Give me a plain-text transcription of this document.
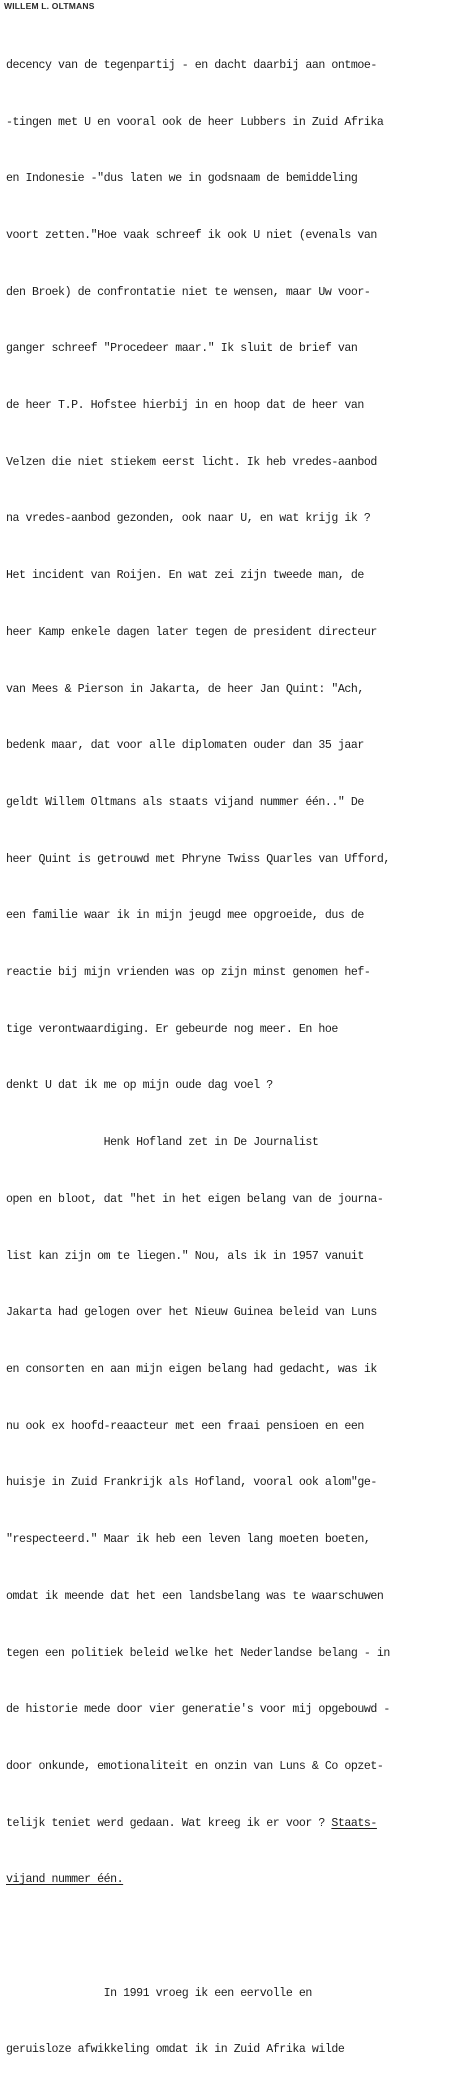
WILLEM L. OLTMANS

decency van de tegenpartij - en dacht daarbij aan ontmoe-

-tingen met U en vooral ook de heer Lubbers in Zuid Afrika

en Indonesie -"dus laten we in godsnaam de bemiddeling

voort zetten."Hoe vaak schreef ik ook U niet (evenals van

den Broek) de confrontatie niet te wensen, maar Uw voor-

ganger schreef "Procedeer maar." Ik sluit de brief van

de heer T.P. Hofstee hierbij in en hoop dat de heer van

Velzen die niet stiekem eerst licht. Ik heb vredes-aanbod

na vredes-aanbod gezonden, ook naar U, en wat krijg ik ?

Het incident van Roijen. En wat zei zijn tweede man, de

heer Kamp enkele dagen later tegen de president directeur

van Mees & Pierson in Jakarta, de heer Jan Quint: "Ach,

bedenk maar, dat voor alle diplomaten ouder dan 35 jaar

geldt Willem Oltmans als staats vijand nummer één.." De

heer Quint is getrouwd met Phryne Twiss Quarles van Ufford,

een familie waar ik in mijn jeugd mee opgroeide, dus de

reactie bij mijn vrienden was op zijn minst genomen hef-

tige verontwaardiging. Er gebeurde nog meer. En hoe

denkt U dat ik me op mijn oude dag voel ?

Henk Hofland zet in De Journalist

open en bloot, dat "het in het eigen belang van de journa-

list kan zijn om te liegen." Nou, als ik in 1957 vanuit

Jakarta had gelogen over het Nieuw Guinea beleid van Luns

en consorten en aan mijn eigen belang had gedacht, was ik

nu ook ex hoofd-reaacteur met een fraai pensioen en een

huisje in Zuid Frankrijk als Hofland, vooral ook alom"ge-

"respecteerd." Maar ik heb een leven lang moeten boeten,

omdat ik meende dat het een landsbelang was te waarschuwen

tegen een politiek beleid welke het Nederlandse belang - in

de historie mede door vier generatie's voor mij opgebouwd -

door onkunde, emotionaliteit en onzin van Luns & Co opzet-

telijk teniet werd gedaan. Wat kreeg ik er voor ? Staats-

vijand nummer één.

In 1991 vroeg ik een eervolle en

geruisloze afwikkeling omdat ik in Zuid Afrika wilde
